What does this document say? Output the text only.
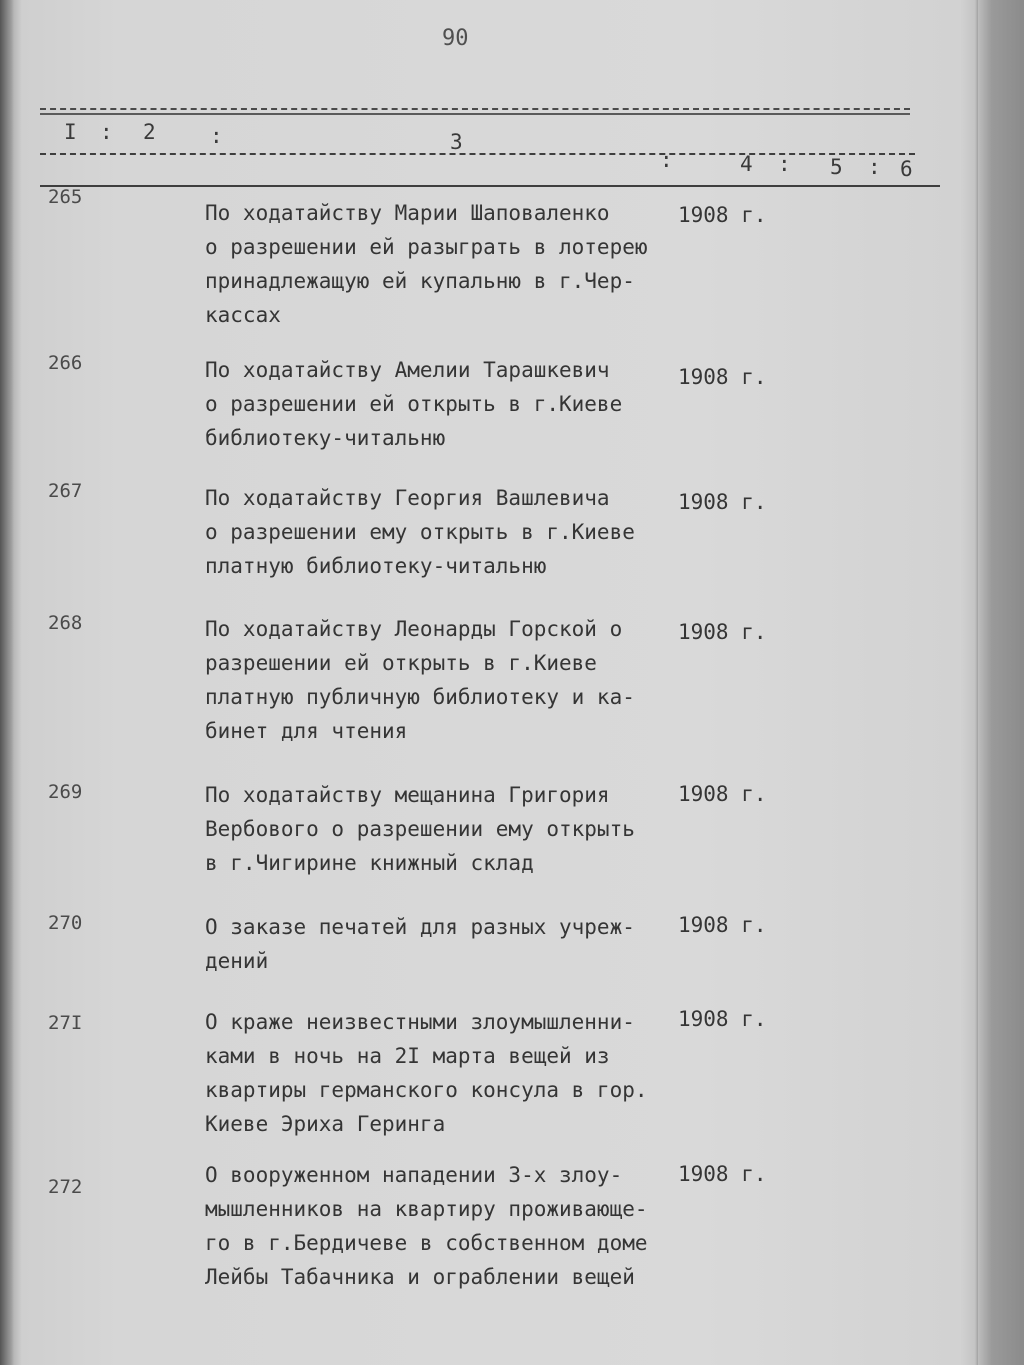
90
I : 2	:	3
:	4 : 5 : 6
265
По ходатайству Марии Шаповаленко
о разрешении ей разыграть в лотерею
принадлежащую ей купальню в г.Чер-
кассах
1908 г.
266	По ходатайству Амелии Тарашкевич
о разрешении ей открыть в г.Киеве
библиотеку-читальню
1908 г.
267	По ходатайству Георгия Вашлевича
о разрешении ему открыть в г.Киеве
платную библиотеку-читальню
1908 г.
268	По ходатайству Леонарды Горской о
разрешении ей открыть в г.Киеве
платную публичную библиотеку и ка-
бинет для чтения
1908 г.
269	По ходатайству мещанина Григория
Вербового о разрешении ему открыть
в г.Чигирине книжный склад
1908 г.
270	О заказе печатей для разных учреж-
дений
1908 г.
27I	О краже неизвестными злоумышленни-
ками в ночь на 2I марта вещей из
квартиры германского консула в гор.
Киеве Эриха Геринга
1908 г.
272	О вооруженном нападении 3-х злоу-
мышленников на квартиру проживающе-
го в г.Бердичеве в собственном доме
Лейбы Табачника и ограблении вещей
1908 г.
